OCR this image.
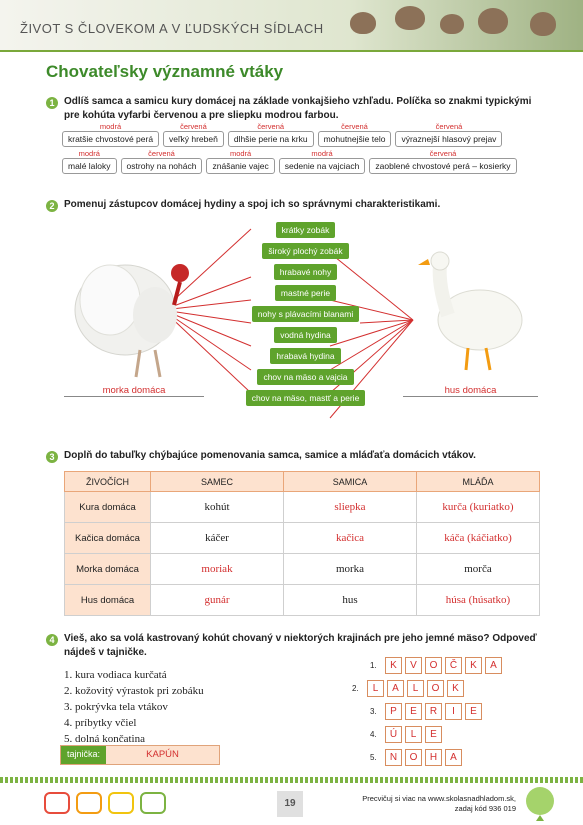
ŽIVOT S ČLOVEKOM A V ĽUDSKÝCH SÍDLACH
Chovateľsky významné vtáky
1 Odlíš samca a samicu kury domácej na základe vonkajšieho vzhľadu. Políčka so znakmi typickými
pre kohúta vyfarbi červenou a pre sliepku modrou farbou.
modrá
kratšie chvostové perá
červená
veľký hrebeň
červená
dlhšie perie na krku
červená
mohutnejšie telo
červená
výraznejší hlasový prejav
modrá
malé laloky
červená
ostrohy na nohách
modrá
znášanie vajec
modrá
sedenie na vajciach
červená
zaoblené chvostové perá – kosierky
2 Pomenuj zástupcov domácej hydiny a spoj ich so správnymi charakteristikami.
krátky zobák
široký plochý zobák
hrabavé nohy
mastné perie
nohy s plávacími blanami
vodná hydina
hrabavá hydina
chov na mäso a vajcia
chov na mäso, mastť a perie
morka domáca	hus domáca
3 Doplň do tabuľky chýbajúce pomenovania samca, samice a mláďaťa domácich vtákov.
ŽIVOČÍCH	SAMEC	SAMICA	MLÁĎA
Kura domáca	kohút	sliepka	kurča (kuriatko)
Kačica domáca	káčer	kačica	káča (káčiatko)
Morka domáca	moriak	morka	morča
Hus domáca	gunár	hus	húsa (húsatko)
4 Vieš, ako sa volá kastrovaný kohút chovaný v niektorých krajinách pre jeho jemné mäso? Odpoveď
nájdeš v tajničke.
1. kura vodiaca kurčatá
2. kožovitý výrastok pri zobáku
3. pokrývka tela vtákov
4. príbytky včiel
5. dolná končatina
tajnička:	KAPÚN
1.	K	V	O	Č	K	A
2.	L	A	L	O	K
3.	P	E	R	I	E
4.	Ú	L	E
5.	N	O	H	A
19	Precvičuj si viac na www.skolasnadhladom.sk,
zadaj kód 936 019
